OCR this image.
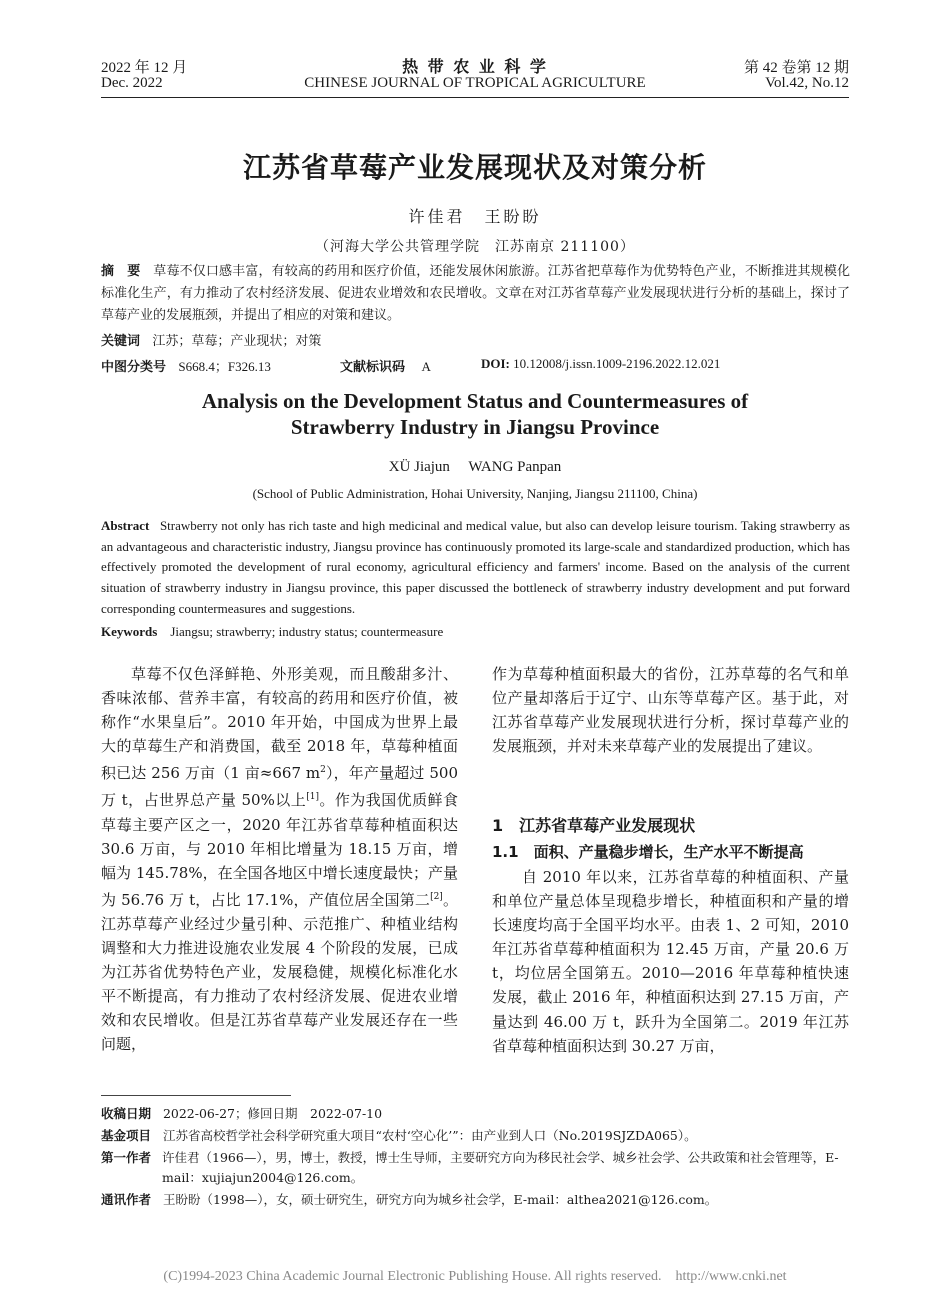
2022 年 12 月
Dec. 2022
热 带 农 业 科 学
CHINESE JOURNAL OF TROPICAL AGRICULTURE
第 42 卷第 12 期
Vol.42, No.12
江苏省草莓产业发展现状及对策分析
许佳君　王盼盼
（河海大学公共管理学院　江苏南京 211100）
摘　要 草莓不仅口感丰富，有较高的药用和医疗价值，还能发展休闲旅游。江苏省把草莓作为优势特色产业，不断推进其规模化标准化生产，有力推动了农村经济发展、促进农业增效和农民增收。文章在对江苏省草莓产业发展现状进行分析的基础上，探讨了草莓产业的发展瓶颈，并提出了相应的对策和建议。
关键词 江苏；草莓；产业现状；对策
中图分类号 S668.4；F326.13	文献标识码 A	DOI: 10.12008/j.issn.1009-2196.2022.12.021
Analysis on the Development Status and Countermeasures of
Strawberry Industry in Jiangsu Province
XÜ Jiajun　 WANG Panpan
(School of Public Administration, Hohai University, Nanjing, Jiangsu 211100, China)
Abstract Strawberry not only has rich taste and high medicinal and medical value, but also can develop leisure tourism. Taking strawberry as an advantageous and characteristic industry, Jiangsu province has continuously promoted its large-scale and standardized production, which has effectively promoted the development of rural economy, agricultural efficiency and farmers' income. Based on the analysis of the current situation of strawberry industry in Jiangsu province, this paper discussed the bottleneck of strawberry industry development and put forward corresponding countermeasures and suggestions.
Keywords Jiangsu; strawberry; industry status; countermeasure

草莓不仅色泽鲜艳、外形美观，而且酸甜多汁、香味浓郁、营养丰富，有较高的药用和医疗价值，被称作“水果皇后”。2010 年开始，中国成为世界上最大的草莓生产和消费国，截至 2018 年，草莓种植面积已达 256 万亩（1 亩≈667 $m^2$），年产量超过 500 万 t，占世界总产量 50%以上[1]。作为我国优质鲜食草莓主要产区之一，2020 年江苏省草莓种植面积达 30.6 万亩，与 2010 年相比增量为 18.15 万亩，增幅为 145.78%，在全国各地区中增长速度最快；产量为 56.76 万 t，占比 17.1%，产值位居全国第二[2]。江苏草莓产业经过少量引种、示范推广、种植业结构调整和大力推进设施农业发展 4 个阶段的发展，已成为江苏省优势特色产业，发展稳健，规模化标准化水平不断提高，有力推动了农村经济发展、促进农业增效和农民增收。但是江苏省草莓产业发展还存在一些问题，

作为草莓种植面积最大的省份，江苏草莓的名气和单位产量却落后于辽宁、山东等草莓产区。基于此，对江苏省草莓产业发展现状进行分析，探讨草莓产业的发展瓶颈，并对未来草莓产业的发展提出了建议。

1　江苏省草莓产业发展现状
1.1　面积、产量稳步增长，生产水平不断提高

自 2010 年以来，江苏省草莓的种植面积、产量和单位产量总体呈现稳步增长，种植面积和产量的增长速度均高于全国平均水平。由表 1、2 可知，2010 年江苏省草莓种植面积为 12.45 万亩，产量 20.6 万 t，均位居全国第五。2010—2016 年草莓种植快速发展，截止 2016 年，种植面积达到 27.15 万亩，产量达到 46.00 万 t，跃升为全国第二。2019 年江苏省草莓种植面积达到 30.27 万亩，

收稿日期 2022-06-27；修回日期　2022-07-10
基金项目 江苏省高校哲学社会科学研究重大项目“农村‘空心化’”：由产业到人口（No.2019SJZDA065）。
第一作者 许佳君（1966—），男，博士，教授，博士生导师，主要研究方向为移民社会学、城乡社会学、公共政策和社会管理等，E-mail：xujiajun2004@126.com。
通讯作者 王盼盼（1998—），女，硕士研究生，研究方向为城乡社会学，E-mail：althea2021@126.com。
(C)1994-2023 China Academic Journal Electronic Publishing House. All rights reserved.　http://www.cnki.net
